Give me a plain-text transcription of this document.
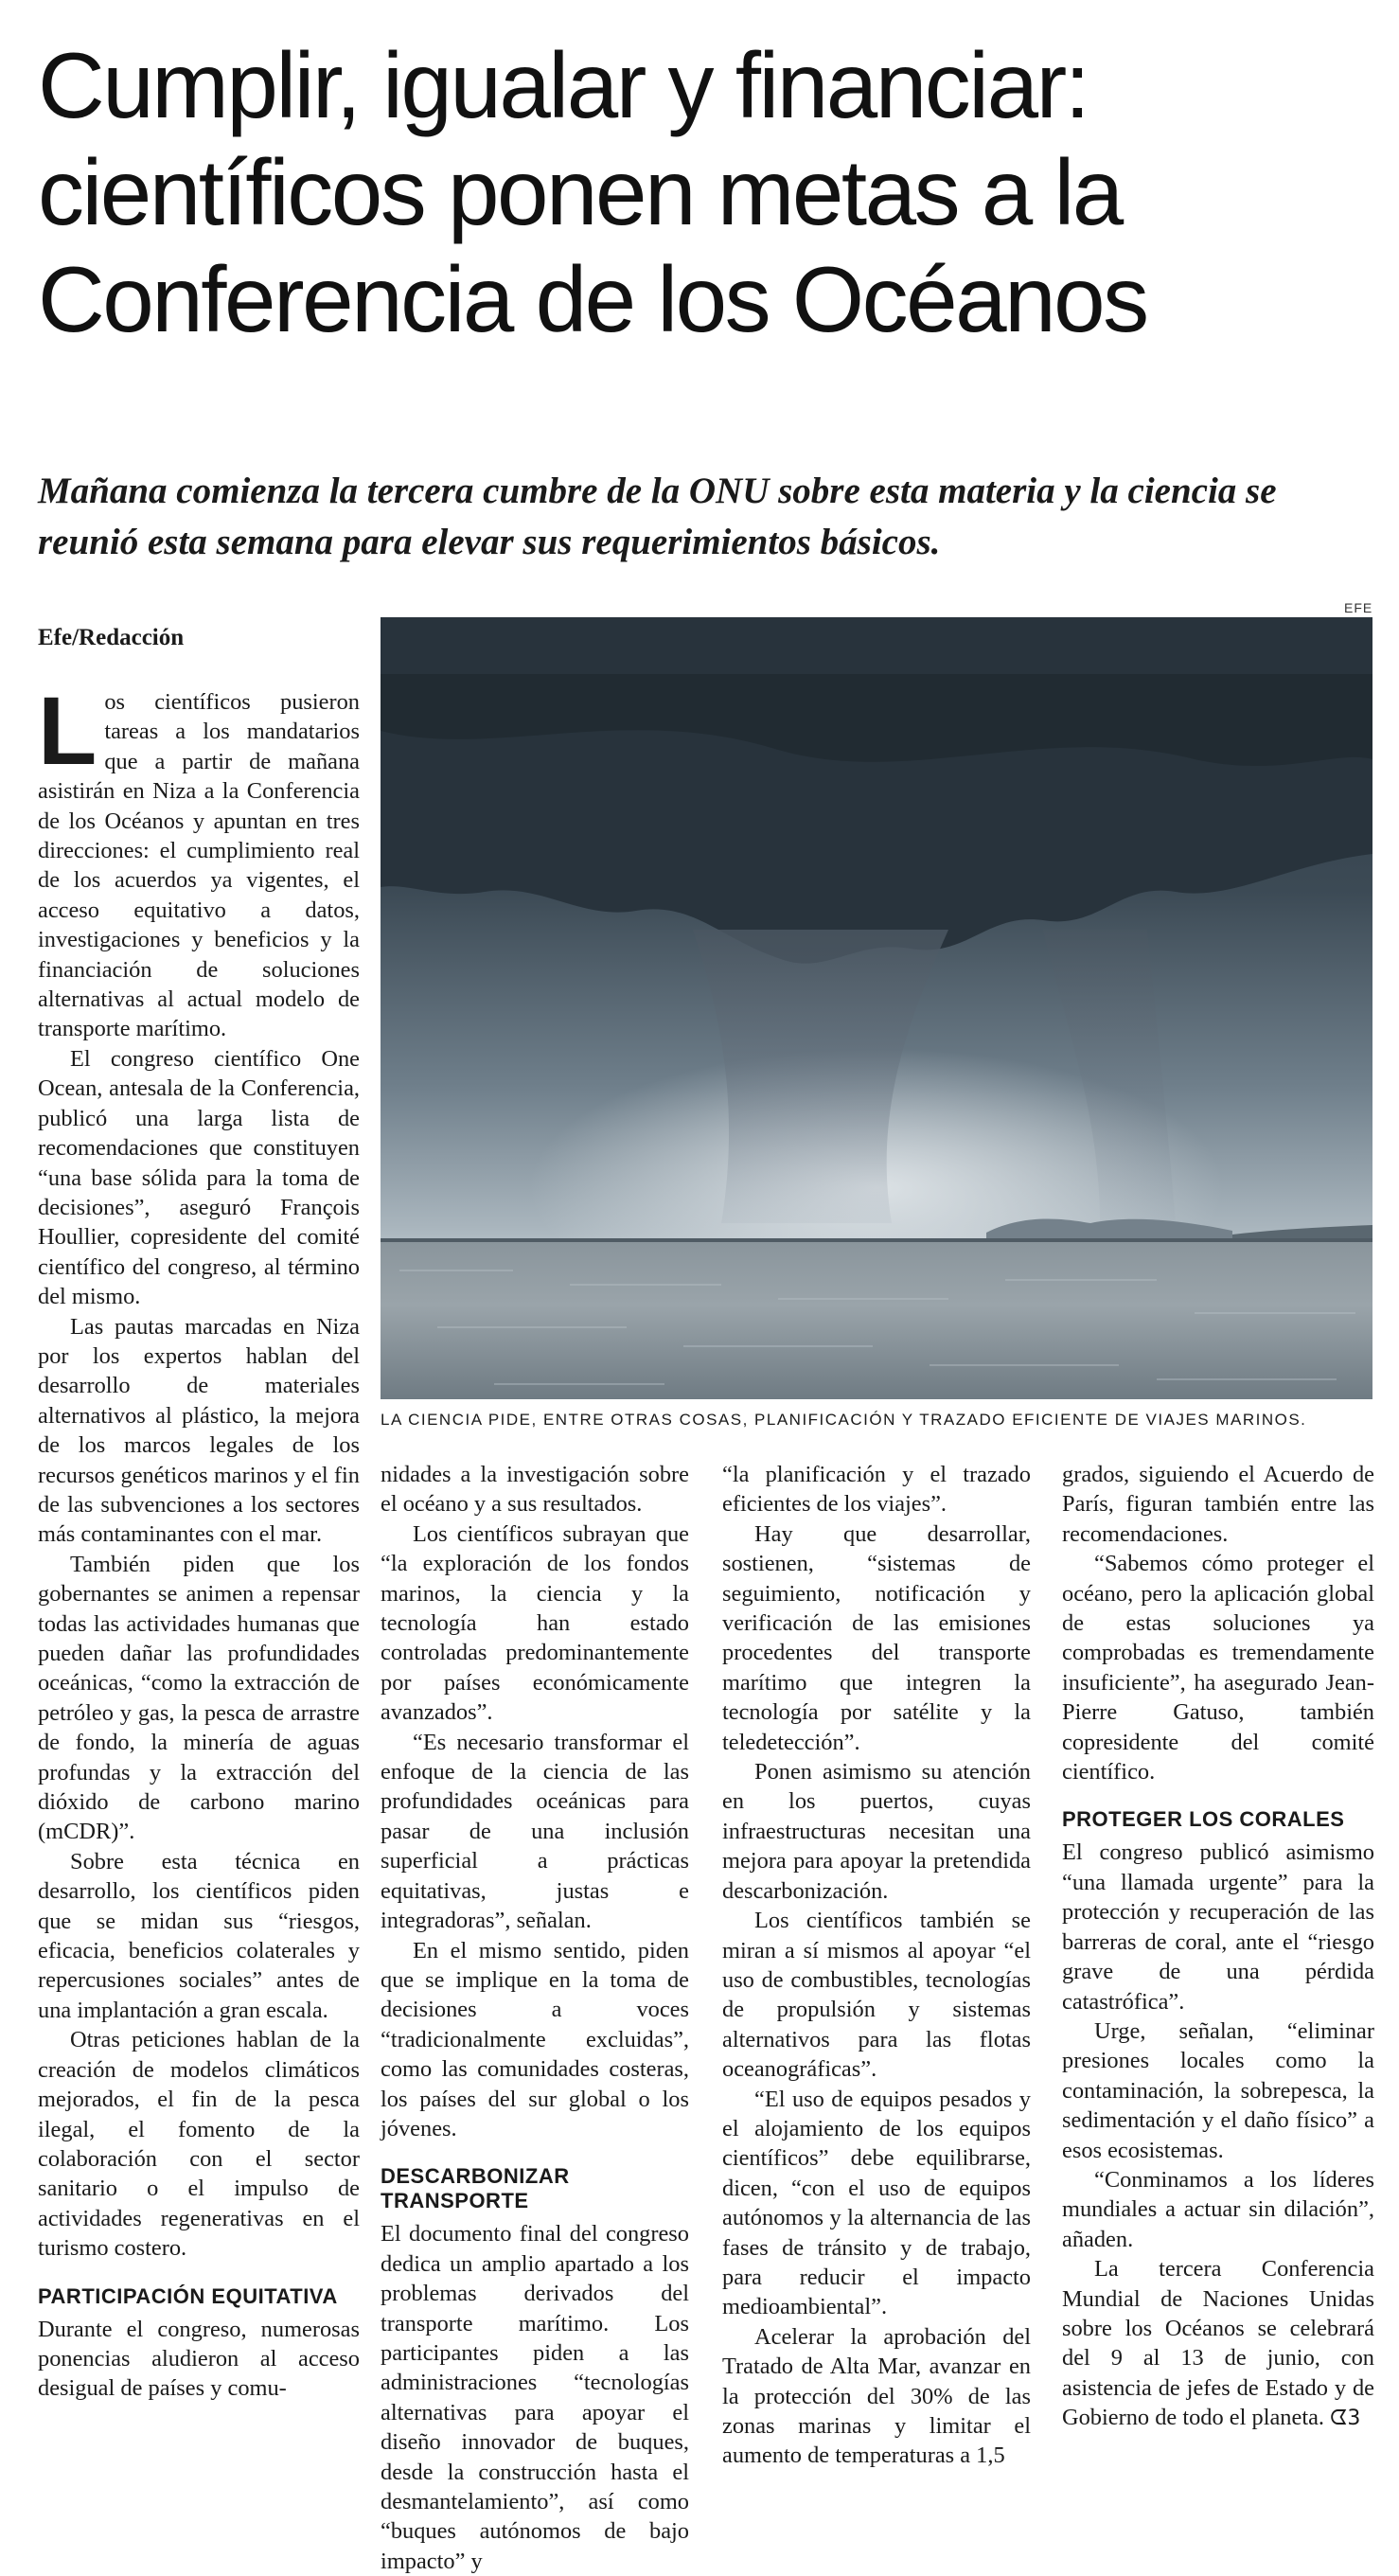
Cumplir, igualar y financiar:
científicos ponen metas a la
Conferencia de los Océanos

Mañana comienza la tercera cumbre de la ONU sobre esta materia y la ciencia se reunió esta semana para elevar sus requerimientos básicos.

Efe/Redacción
EFE
LA CIENCIA PIDE, ENTRE OTRAS COSAS, PLANIFICACIÓN Y TRAZADO EFICIENTE DE VIAJES MARINOS.

Los científicos pusieron tareas a los mandatarios que a partir de mañana asistirán en Niza a la Conferencia de los Océanos y apuntan en tres direcciones: el cumplimiento real de los acuerdos ya vigentes, el acceso equitativo a datos, investigaciones y beneficios y la financiación de soluciones alternativas al actual modelo de transporte marítimo.

El congreso científico One Ocean, antesala de la Conferencia, publicó una larga lista de recomendaciones que constituyen “una base sólida para la toma de decisiones”, aseguró François Houllier, copresidente del comité científico del congreso, al término del mismo.

Las pautas marcadas en Niza por los expertos hablan del desarrollo de materiales alternativos al plástico, la mejora de los marcos legales de los recursos genéticos marinos y el fin de las subvenciones a los sectores más contaminantes con el mar.

También piden que los gobernantes se animen a repensar todas las actividades humanas que pueden dañar las profundidades oceánicas, “como la extracción de petróleo y gas, la pesca de arrastre de fondo, la minería de aguas profundas y la extracción del dióxido de carbono marino (mCDR)”.

Sobre esta técnica en desarrollo, los científicos piden que se midan sus “riesgos, eficacia, beneficios colaterales y repercusiones sociales” antes de una implantación a gran escala.

Otras peticiones hablan de la creación de modelos climáticos mejorados, el fin de la pesca ilegal, el fomento de la colaboración con el sector sanitario o el impulso de actividades regenerativas en el turismo costero.

PARTICIPACIÓN EQUITATIVA

Durante el congreso, numerosas ponencias aludieron al acceso desigual de países y comu-

nidades a la investigación sobre el océano y a sus resultados.

Los científicos subrayan que “la exploración de los fondos marinos, la ciencia y la tecnología han estado controladas predominantemente por países económicamente avanzados”.

“Es necesario transformar el enfoque de la ciencia de las profundidades oceánicas para pasar de una inclusión superficial a prácticas equitativas, justas e integradoras”, señalan.

En el mismo sentido, piden que se implique en la toma de decisiones a voces “tradicionalmente excluidas”, como las comunidades costeras, los países del sur global o los jóvenes.

DESCARBONIZAR TRANSPORTE

El documento final del congreso dedica un amplio apartado a los problemas derivados del transporte marítimo. Los participantes piden a las administraciones “tecnologías alternativas para apoyar el diseño innovador de buques, desde la construcción hasta el desmantelamiento”, así como “buques autónomos de bajo impacto” y

“la planificación y el trazado eficientes de los viajes”.

Hay que desarrollar, sostienen, “sistemas de seguimiento, notificación y verificación de las emisiones procedentes del transporte marítimo que integren la tecnología por satélite y la teledetección”.

Ponen asimismo su atención en los puertos, cuyas infraestructuras necesitan una mejora para apoyar la pretendida descarbonización.

Los científicos también se miran a sí mismos al apoyar “el uso de combustibles, tecnologías de propulsión y sistemas alternativos para las flotas oceanográficas”.

“El uso de equipos pesados y el alojamiento de los equipos científicos” debe equilibrarse, dicen, “con el uso de equipos autónomos y la alternancia de las fases de tránsito y de trabajo, para reducir el impacto medioambiental”.

Acelerar la aprobación del Tratado de Alta Mar, avanzar en la protección del 30% de las zonas marinas y limitar el aumento de temperaturas a 1,5

grados, siguiendo el Acuerdo de París, figuran también entre las recomendaciones.

“Sabemos cómo proteger el océano, pero la aplicación global de estas soluciones ya comprobadas es tremendamente insuficiente”, ha asegurado Jean-Pierre Gatuso, también copresidente del comité científico.

PROTEGER LOS CORALES

El congreso publicó asimismo “una llamada urgente” para la protección y recuperación de las barreras de coral, ante el “riesgo grave de una pérdida catastrófica”.

Urge, señalan, “eliminar presiones locales como la contaminación, la sobrepesca, la sedimentación y el daño físico” a esos ecosistemas.

“Conminamos a los líderes mundiales a actuar sin dilación”, añaden.

La tercera Conferencia Mundial de Naciones Unidas sobre los Océanos se celebrará del 9 al 13 de junio, con asistencia de jefes de Estado y de Gobierno de todo el planeta. ᗧ3
